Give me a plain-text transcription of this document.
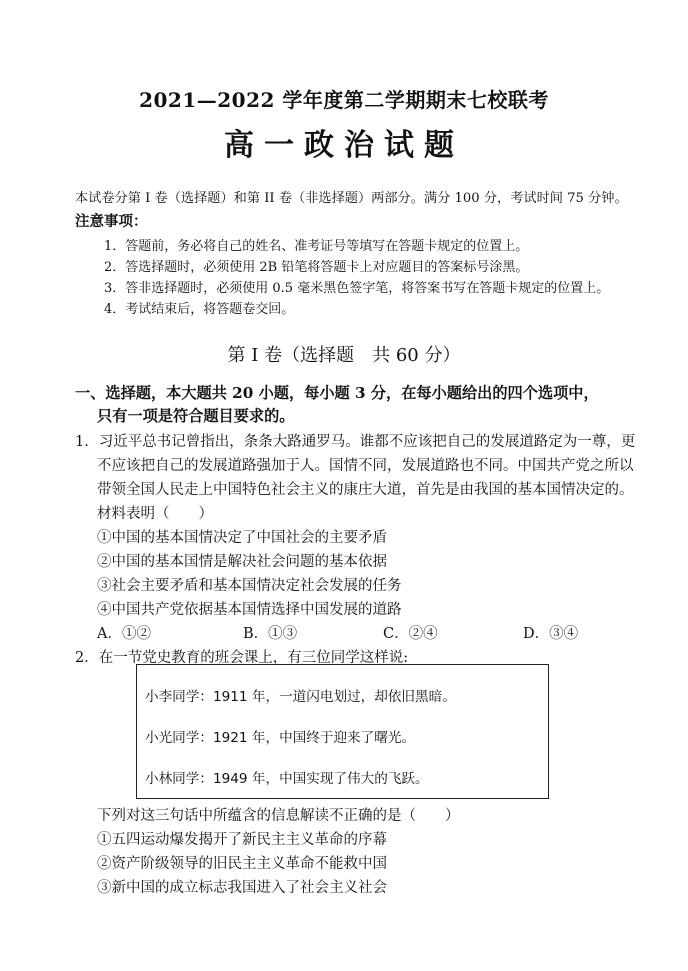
2021—2022 学年度第二学期期末七校联考
高一政治试题
本试卷分第 I 卷（选择题）和第 II 卷（非选择题）两部分。满分 100 分，考试时间 75 分钟。
注意事项：
1．答题前，务必将自己的姓名、准考证号等填写在答题卡规定的位置上。
2．答选择题时，必须使用 2B 铅笔将答题卡上对应题目的答案标号涂黑。
3．答非选择题时，必须使用 0.5 毫米黑色签字笔，将答案书写在答题卡规定的位置上。
4．考试结束后，将答题卷交回。
第 I 卷（选择题　共 60 分）
一、选择题，本大题共 20 小题，每小题 3 分，在每小题给出的四个选项中，
只有一项是符合题目要求的。
1．习近平总书记曾指出，条条大路通罗马。谁都不应该把自己的发展道路定为一尊，更
不应该把自己的发展道路强加于人。国情不同，发展道路也不同。中国共产党之所以
带领全国人民走上中国特色社会主义的康庄大道，首先是由我国的基本国情决定的。
材料表明（　　）
①中国的基本国情决定了中国社会的主要矛盾
②中国的基本国情是解决社会问题的基本依据
③社会主要矛盾和基本国情决定社会发展的任务
④中国共产党依据基本国情选择中国发展的道路
A．①②	B．①③	C．②④	D．③④
2．在一节党史教育的班会课上，有三位同学这样说:
小李同学：1911 年，一道闪电划过，却依旧黑暗。
小光同学：1921 年，中国终于迎来了曙光。
小林同学：1949 年，中国实现了伟大的飞跃。
下列对这三句话中所蕴含的信息解读不正确的是（　　）
①五四运动爆发揭开了新民主主义革命的序幕
②资产阶级领导的旧民主主义革命不能救中国
③新中国的成立标志我国进入了社会主义社会
